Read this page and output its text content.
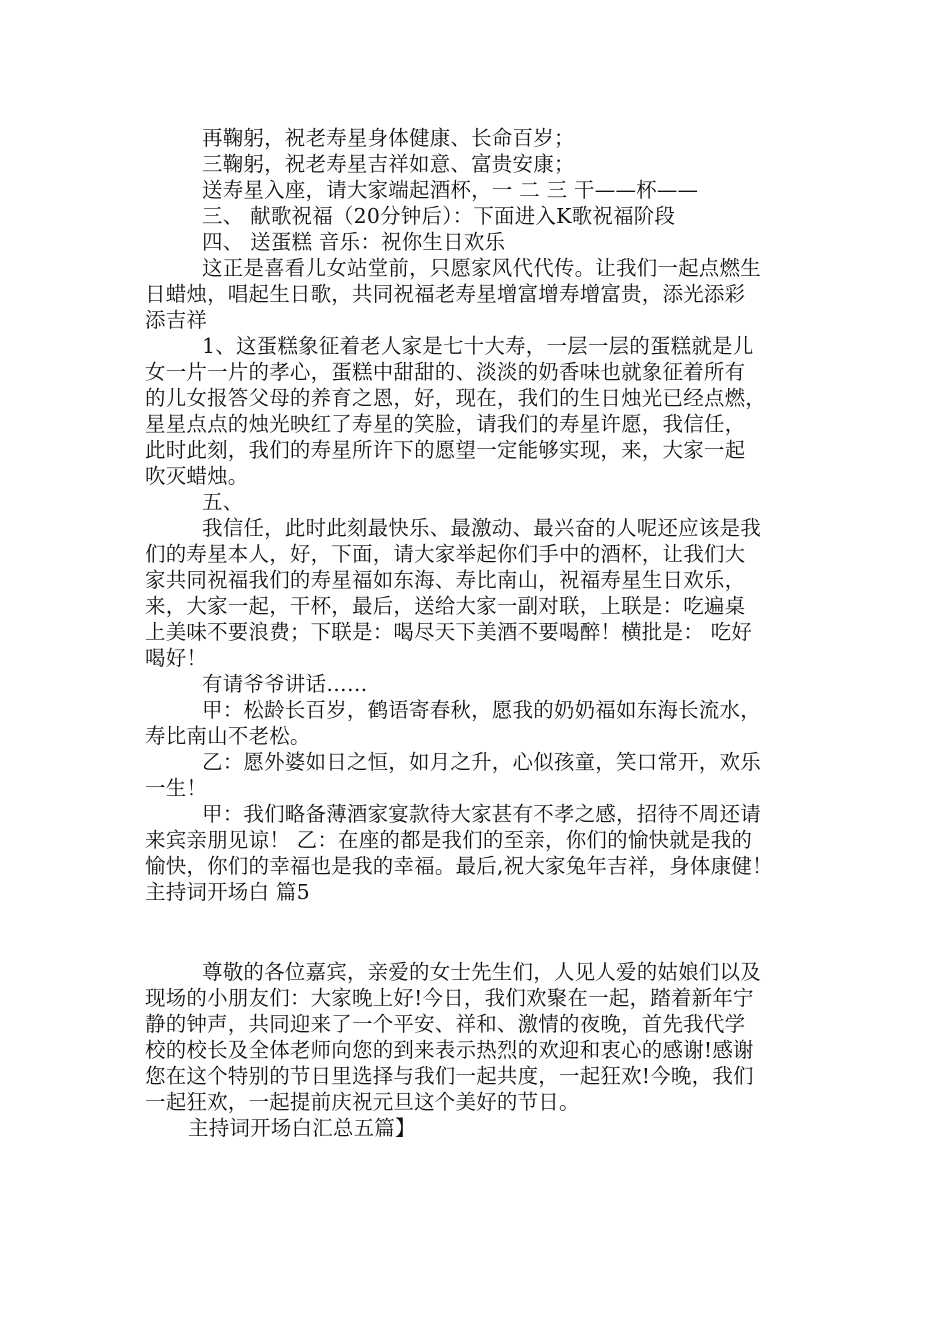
再鞠躬，祝老寿星身体健康、长命百岁；
三鞠躬，祝老寿星吉祥如意、富贵安康；
送寿星入座，请大家端起酒杯，一 二 三 干——杯——
三、 献歌祝福（20分钟后）：下面进入K歌祝福阶段
四、 送蛋糕 音乐：祝你生日欢乐
这正是喜看儿女站堂前，只愿家风代代传。让我们一起点燃生
日蜡烛，唱起生日歌，共同祝福老寿星增富增寿增富贵，添光添彩
添吉祥
1、这蛋糕象征着老人家是七十大寿，一层一层的蛋糕就是儿
女一片一片的孝心，蛋糕中甜甜的、淡淡的奶香味也就象征着所有
的儿女报答父母的养育之恩，好，现在，我们的生日烛光已经点燃，
星星点点的烛光映红了寿星的笑脸，请我们的寿星许愿，我信任，
此时此刻，我们的寿星所许下的愿望一定能够实现，来，大家一起
吹灭蜡烛。
五、
我信任，此时此刻最快乐、最激动、最兴奋的人呢还应该是我
们的寿星本人，好，下面，请大家举起你们手中的酒杯，让我们大
家共同祝福我们的寿星福如东海、寿比南山，祝福寿星生日欢乐，
来，大家一起，干杯，最后，送给大家一副对联，上联是：吃遍桌
上美味不要浪费；下联是：喝尽天下美酒不要喝醉！横批是： 吃好
喝好！
有请爷爷讲话……
甲：松龄长百岁，鹤语寄春秋，愿我的奶奶福如东海长流水，
寿比南山不老松。
乙：愿外婆如日之恒，如月之升，心似孩童，笑口常开，欢乐
一生！
甲：我们略备薄酒家宴款待大家甚有不孝之感，招待不周还请
来宾亲朋见谅！ 乙：在座的都是我们的至亲，你们的愉快就是我的
愉快，你们的幸福也是我的幸福。最后,祝大家兔年吉祥，身体康健！
主持词开场白 篇5
尊敬的各位嘉宾，亲爱的女士先生们，人见人爱的姑娘们以及
现场的小朋友们：大家晚上好!今日，我们欢聚在一起，踏着新年宁
静的钟声，共同迎来了一个平安、祥和、激情的夜晚，首先我代学
校的校长及全体老师向您的到来表示热烈的欢迎和衷心的感谢!感谢
您在这个特别的节日里选择与我们一起共度，一起狂欢!今晚，我们
一起狂欢，一起提前庆祝元旦这个美好的节日。
主持词开场白汇总五篇】
